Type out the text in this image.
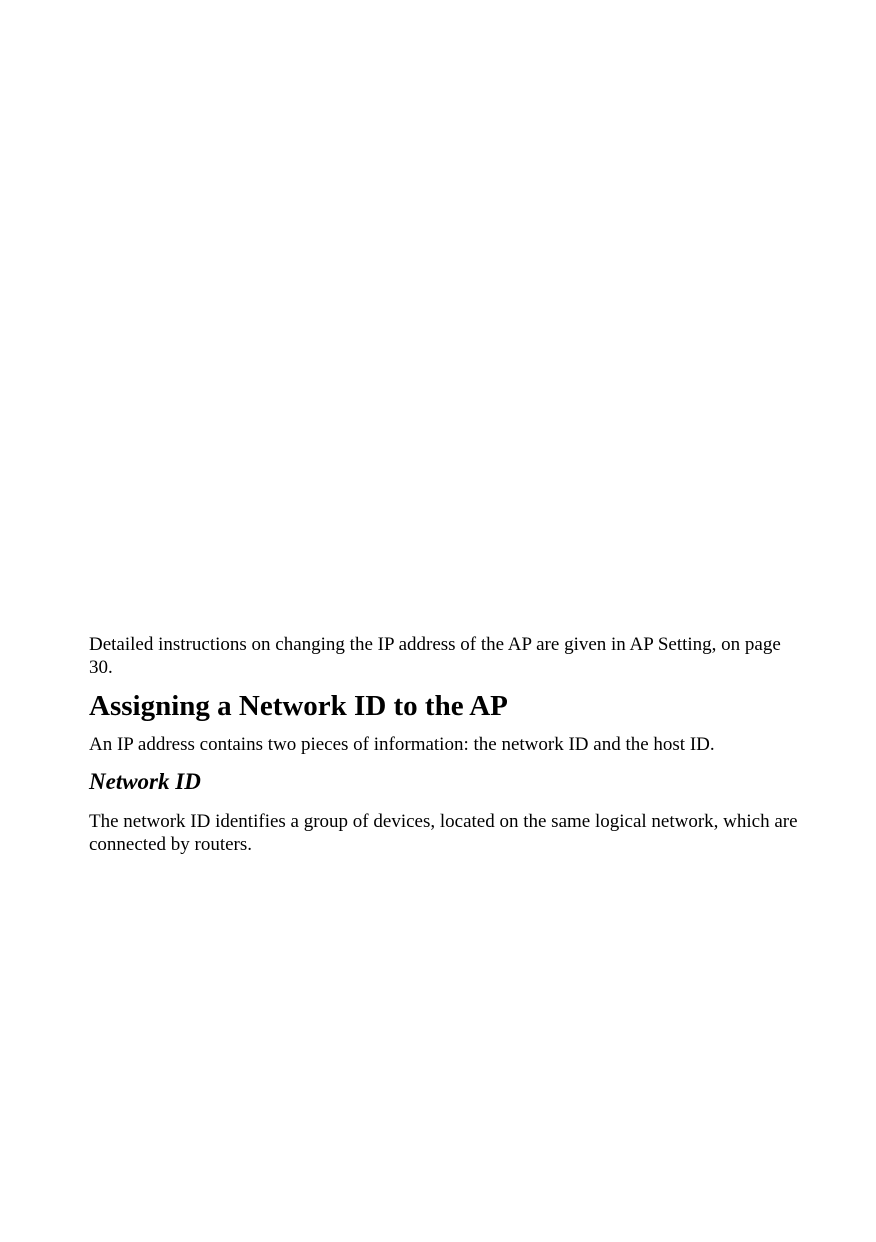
Detailed instructions on changing the IP address of the AP are given in AP Setting, on page 30.

Assigning a Network ID to the AP

An IP address contains two pieces of information: the network ID and the host ID.

Network ID

The network ID identifies a group of devices, located on the same logical network, which are connected by routers.
